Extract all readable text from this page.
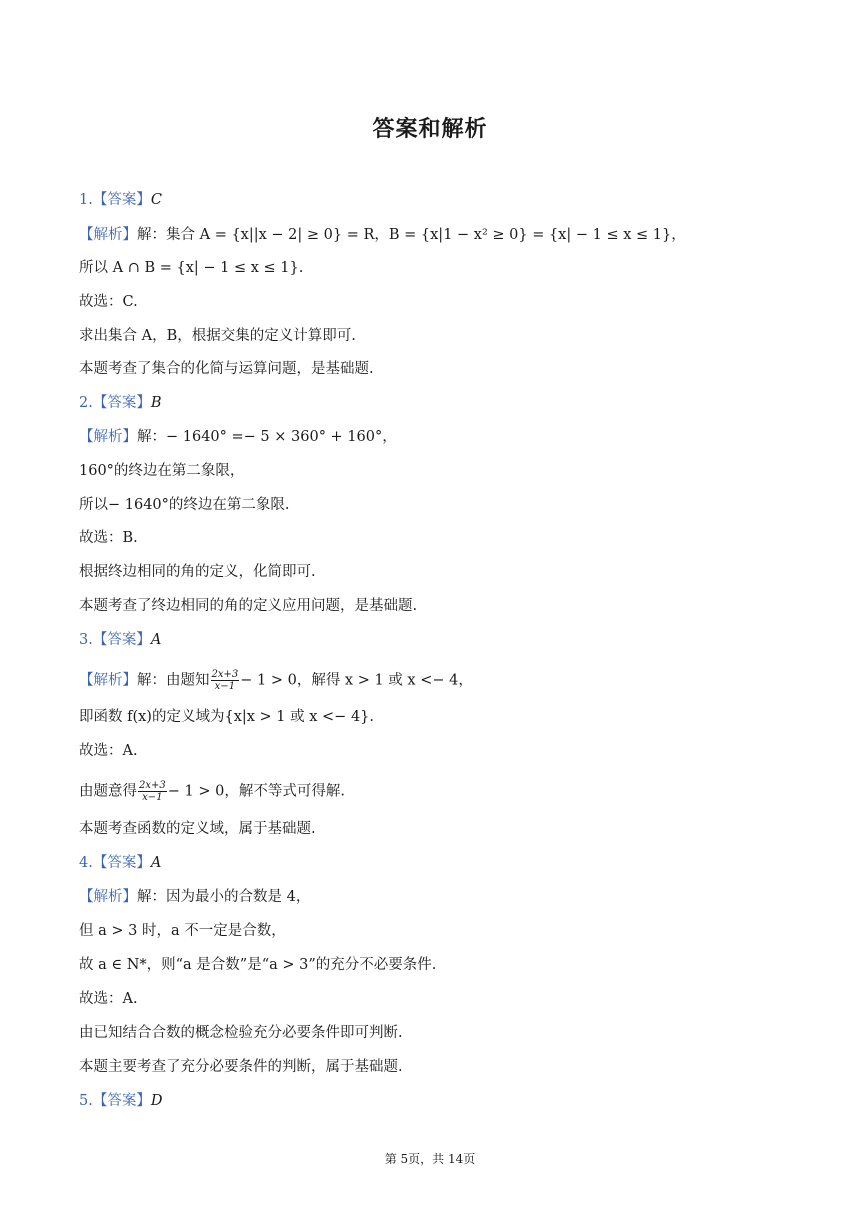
答案和解析
1.【答案】C
【解析】解：集合 A = {x||x − 2| ≥ 0} = R，B = {x|1 − x² ≥ 0} = {x| − 1 ≤ x ≤ 1}，
所以 A ∩ B = {x| − 1 ≤ x ≤ 1}.
故选：C.
求出集合 A，B，根据交集的定义计算即可.
本题考查了集合的化简与运算问题，是基础题.
2.【答案】B
【解析】解：− 1640° =− 5 × 360° + 160°，
160°的终边在第二象限，
所以− 1640°的终边在第二象限.
故选：B.
根据终边相同的角的定义，化简即可.
本题考查了终边相同的角的定义应用问题，是基础题.
3.【答案】A
【解析】解：由题知 $\frac{2x+3}{x-1} - 1 > 0$，解得 x > 1 或 x <− 4，
即函数 f(x)的定义域为{x|x > 1 或 x <− 4}.
故选：A.
由题意得 $\frac{2x+3}{x-1} - 1 > 0$，解不等式可得解.
本题考查函数的定义域，属于基础题.
4.【答案】A
【解析】解：因为最小的合数是 4，
但 a > 3 时，a 不一定是合数，
故 a ∈ N*，则“a 是合数”是“a > 3”的充分不必要条件.
故选：A.
由已知结合合数的概念检验充分必要条件即可判断.
本题主要考查了充分必要条件的判断，属于基础题.
5.【答案】D
第 5页，共 14页
